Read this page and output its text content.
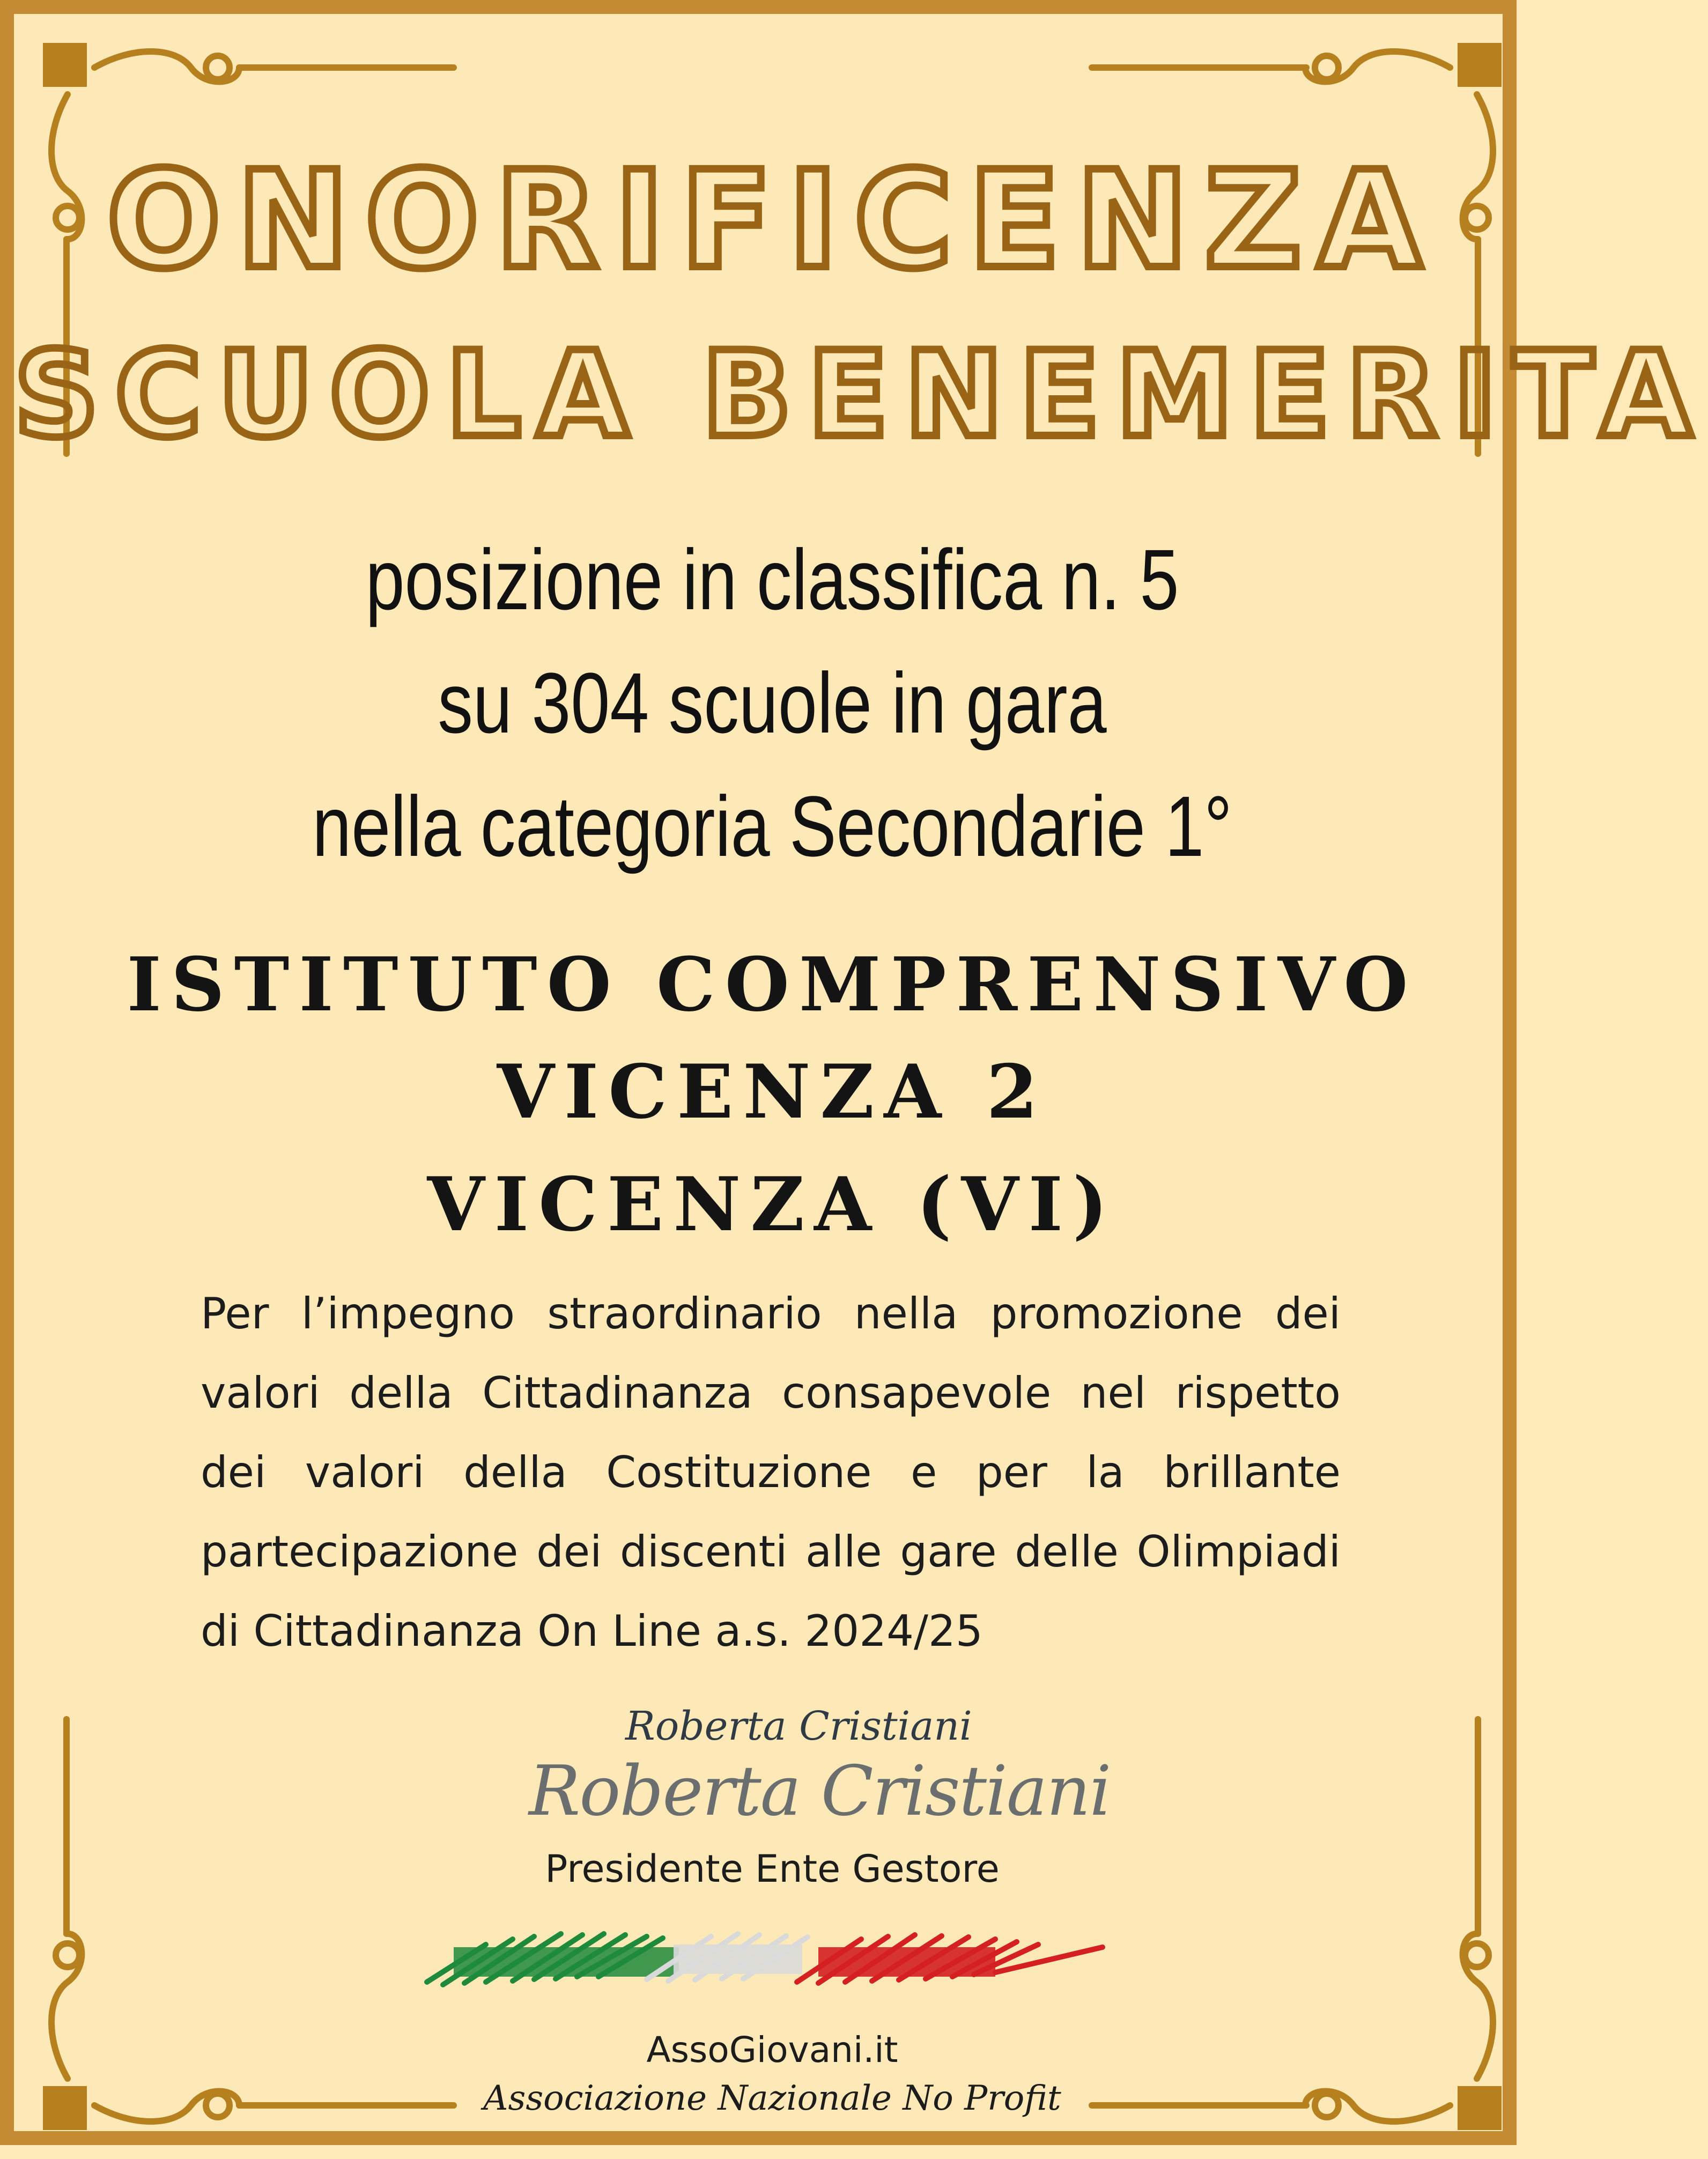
ONORIFICENZA
SCUOLA BENEMERITA
posizione in classifica n. 5
su 304 scuole in gara
nella categoria Secondarie 1°
ISTITUTO COMPRENSIVO
VICENZA 2
VICENZA (VI)
Per l’impegno straordinario nella promozione dei valori della Cittadinanza consapevole nel rispetto dei valori della Costituzione e per la brillante partecipazione dei discenti alle gare delle Olimpiadi di Cittadinanza On Line a.s. 2024/25
Roberta Cristiani
Roberta Cristiani
Presidente Ente Gestore
AssoGiovani.it
Associazione Nazionale No Profit
